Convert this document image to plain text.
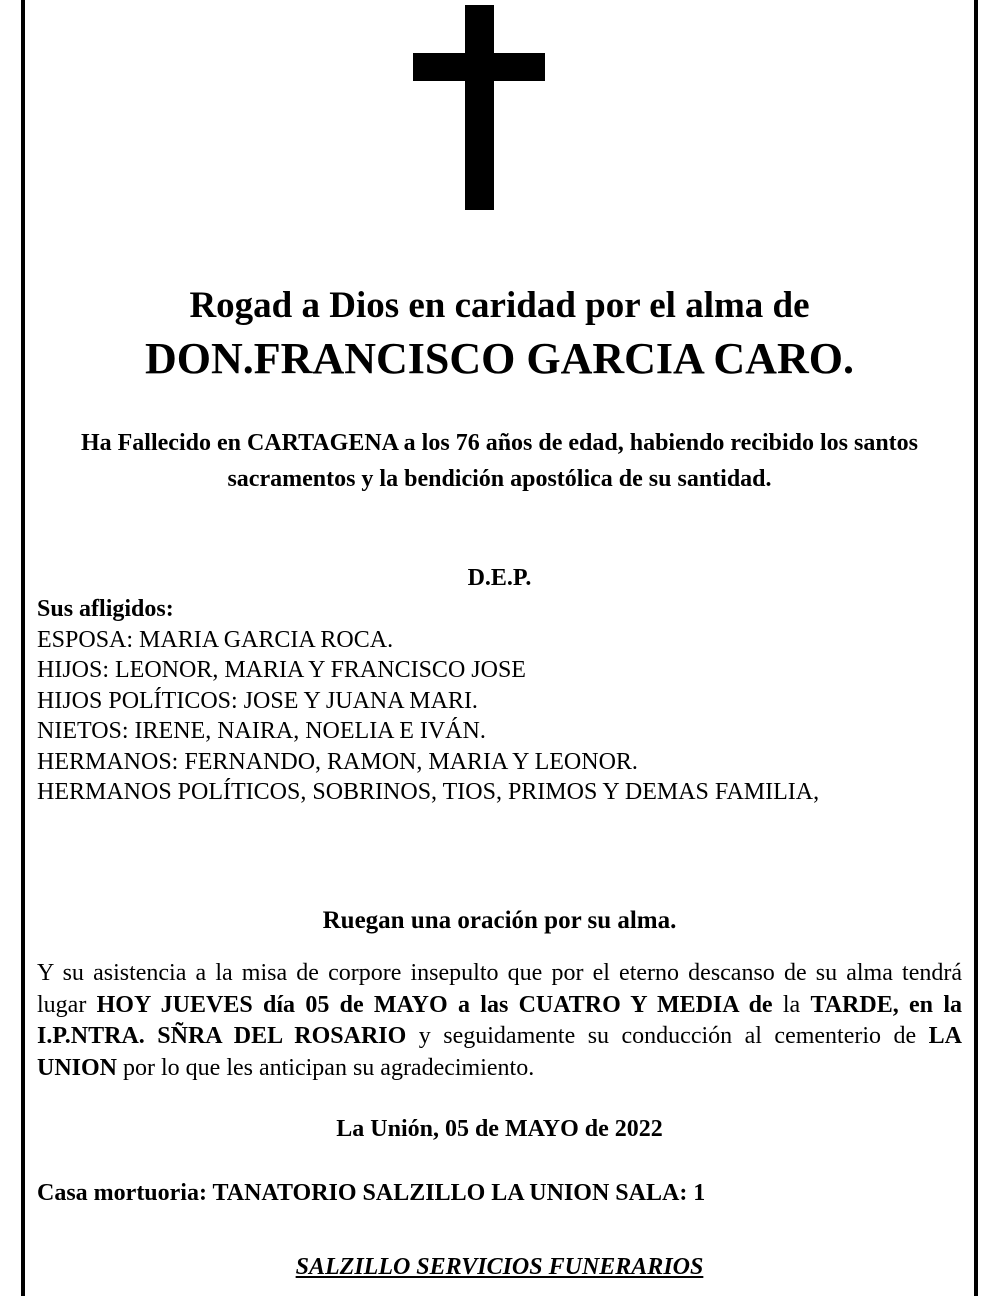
Rogad a Dios en caridad por el alma de
DON.FRANCISCO GARCIA CARO.
Ha Fallecido en CARTAGENA a los 76 años de edad, habiendo recibido los santos sacramentos y la bendición apostólica de su santidad.
D.E.P.
Sus afligidos:
ESPOSA: MARIA GARCIA ROCA.
HIJOS: LEONOR, MARIA Y FRANCISCO JOSE
HIJOS POLÍTICOS: JOSE Y JUANA MARI.
NIETOS: IRENE, NAIRA, NOELIA E IVÁN.
HERMANOS: FERNANDO, RAMON, MARIA Y LEONOR.
HERMANOS POLÍTICOS, SOBRINOS, TIOS, PRIMOS Y DEMAS FAMILIA,
Ruegan una oración por su alma.
Y su asistencia a la misa de corpore insepulto que por el eterno descanso de su alma tendrá lugar HOY JUEVES día 05 de MAYO a las CUATRO Y MEDIA de la TARDE, en la I.P.NTRA. SÑRA DEL ROSARIO y seguidamente su conducción al cementerio de LA UNION por lo que les anticipan su agradecimiento.
La Unión, 05 de MAYO de 2022
Casa mortuoria: TANATORIO SALZILLO LA UNION SALA: 1
SALZILLO SERVICIOS FUNERARIOS
